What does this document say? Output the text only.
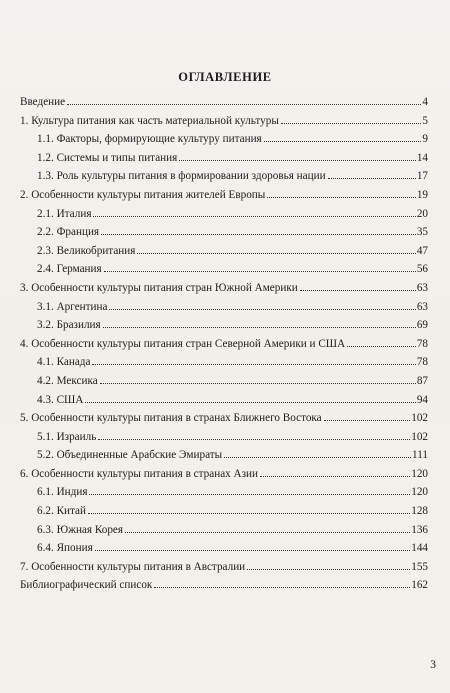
ОГЛАВЛЕНИЕ
Введение	4
1. Культура питания как часть материальной культуры	5
1.1. Факторы, формирующие культуру питания	9
1.2. Системы и типы питания	14
1.3. Роль культуры питания в формировании здоровья нации	17
2. Особенности культуры питания жителей Европы	19
2.1. Италия	20
2.2. Франция	35
2.3. Великобритания	47
2.4. Германия	56
3. Особенности культуры питания стран Южной Америки	63
3.1. Аргентина	63
3.2. Бразилия	69
4. Особенности культуры питания стран Северной Америки и США	78
4.1. Канада	78
4.2. Мексика	87
4.3. США	94
5. Особенности культуры питания в странах Ближнего Востока	102
5.1. Израиль	102
5.2. Объединенные Арабские Эмираты	111
6. Особенности культуры питания в странах Азии	120
6.1. Индия	120
6.2. Китай	128
6.3. Южная Корея	136
6.4. Япония	144
7. Особенности культуры питания в Австралии	155
Библиографический список	162
3
